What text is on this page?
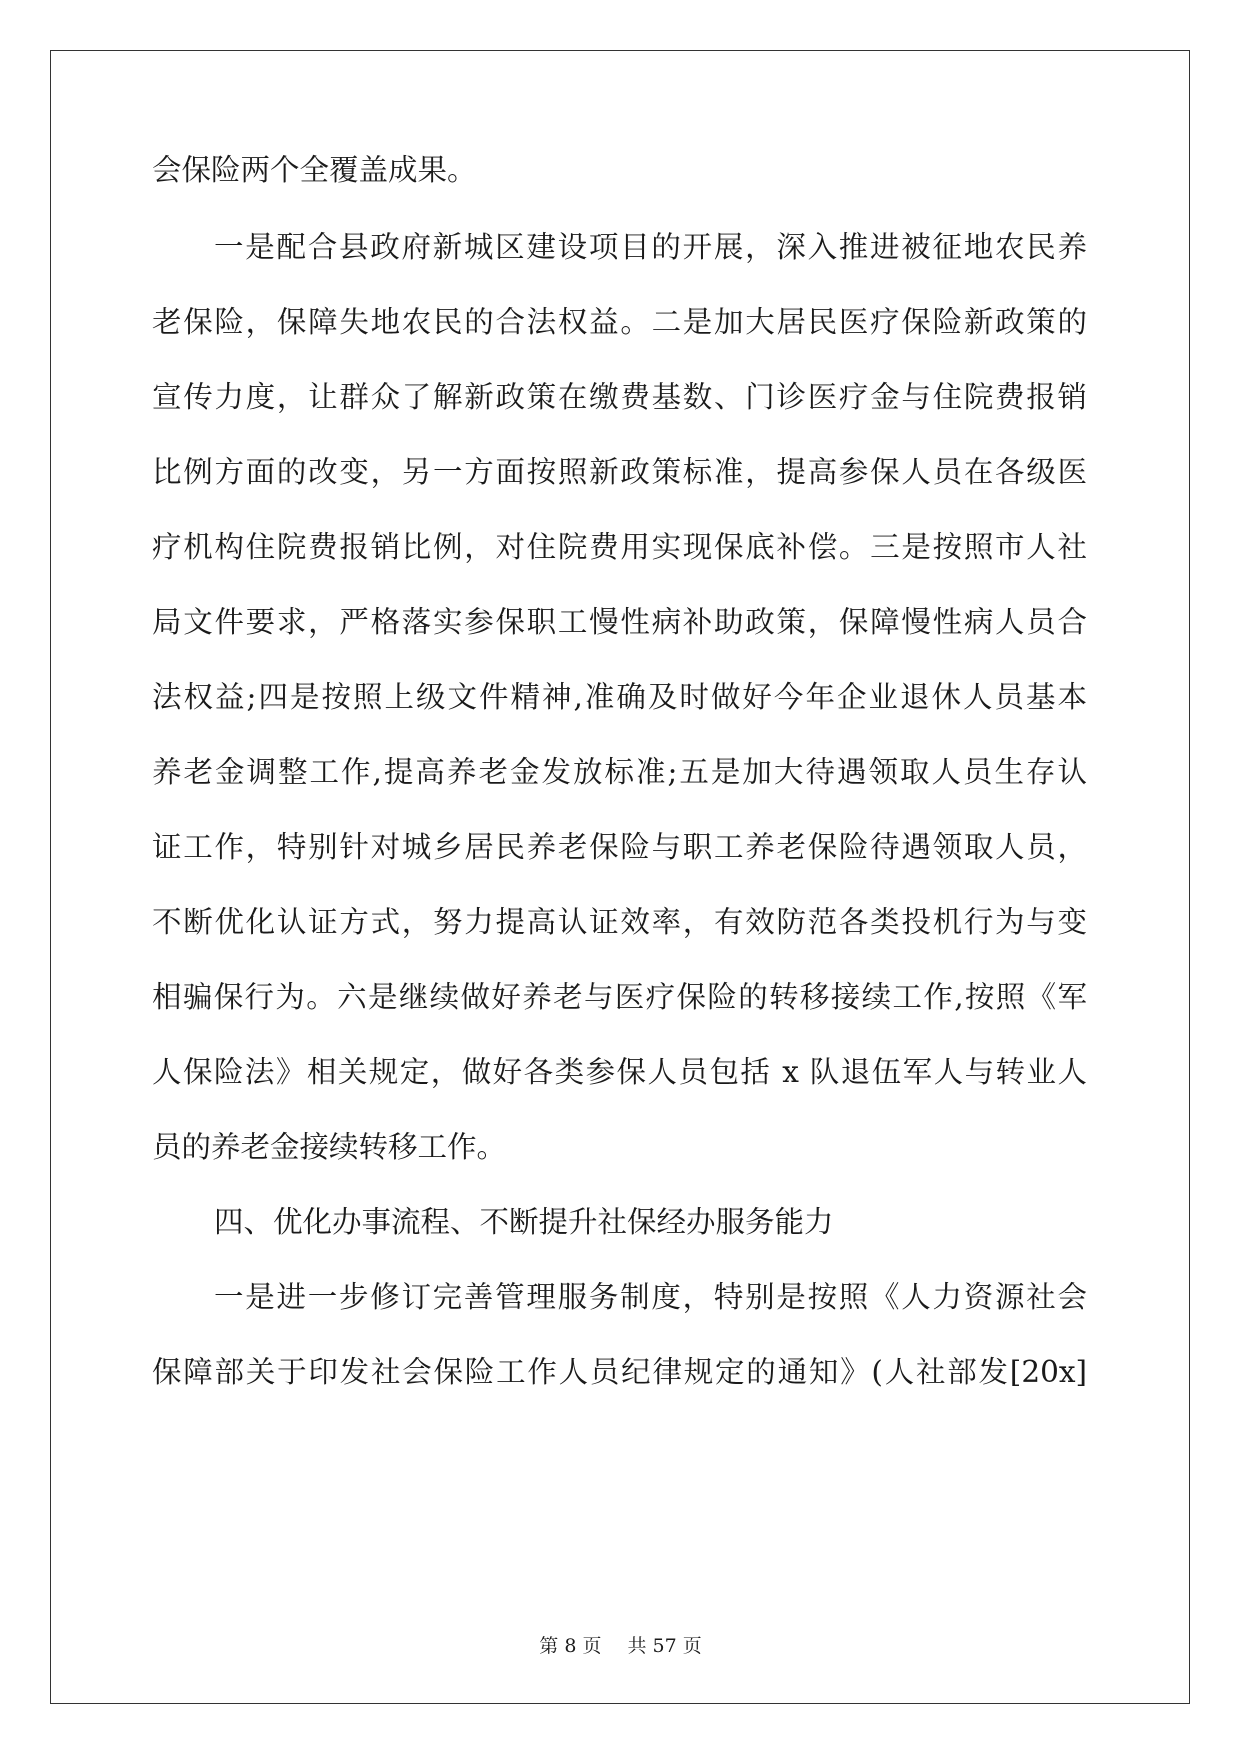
会保险两个全覆盖成果。
一是配合县政府新城区建设项目的开展，深入推进被征地农民养
老保险，保障失地农民的合法权益。二是加大居民医疗保险新政策的
宣传力度，让群众了解新政策在缴费基数、门诊医疗金与住院费报销
比例方面的改变，另一方面按照新政策标准，提高参保人员在各级医
疗机构住院费报销比例，对住院费用实现保底补偿。三是按照市人社
局文件要求，严格落实参保职工慢性病补助政策，保障慢性病人员合
法权益;四是按照上级文件精神,准确及时做好今年企业退休人员基本
养老金调整工作,提高养老金发放标准;五是加大待遇领取人员生存认
证工作，特别针对城乡居民养老保险与职工养老保险待遇领取人员，
不断优化认证方式，努力提高认证效率，有效防范各类投机行为与变
相骗保行为。六是继续做好养老与医疗保险的转移接续工作,按照《军
人保险法》相关规定，做好各类参保人员包括 x 队退伍军人与转业人
员的养老金接续转移工作。
四、优化办事流程、不断提升社保经办服务能力
一是进一步修订完善管理服务制度，特别是按照《人力资源社会
保障部关于印发社会保险工作人员纪律规定的通知》(人社部发[20x]
第 8 页 共 57 页
